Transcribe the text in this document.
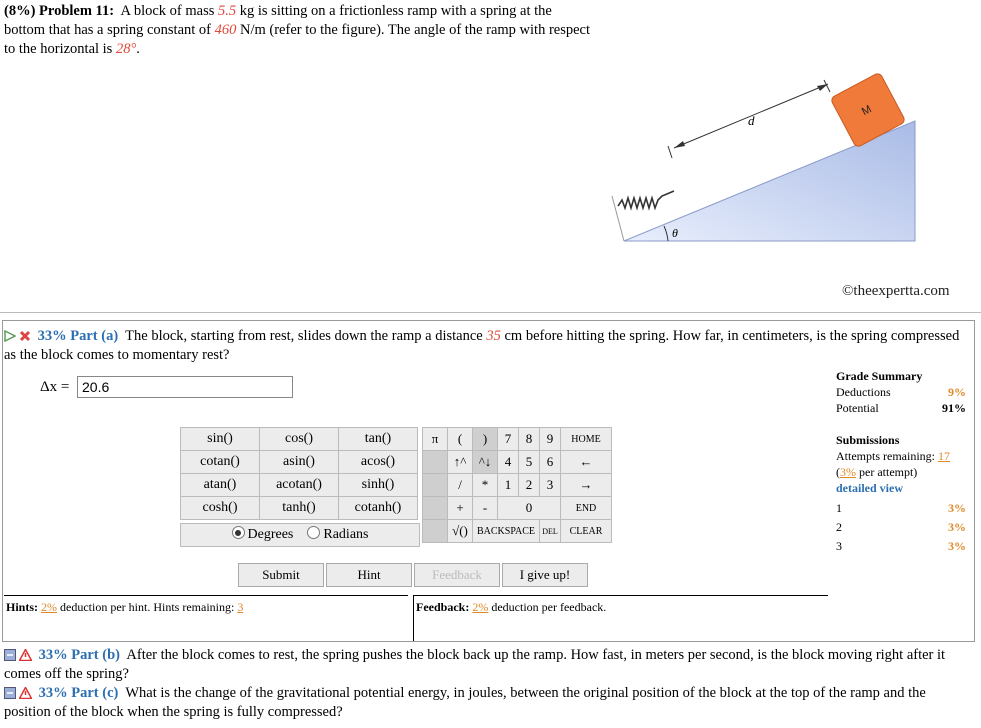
(8%) Problem 11: A block of mass 5.5 kg is sitting on a frictionless ramp with a spring at the bottom that has a spring constant of 460 N/m (refer to the figure). The angle of the ramp with respect to the horizontal is 28°.
θ
d
M
©theexpertta.com
33% Part (a) The block, starting from rest, slides down the ramp a distance 35 cm before hitting the spring. How far, in centimeters, is the spring compressed as the block comes to momentary rest?
Δx =
20.6
sin()	cos()	tan()
cotan()	asin()	acos()
atan()	acotan()	sinh()
cosh()	tanh()	cotanh()
Degrees Radians
π	(	)	7	8	9	HOME
	↑^	^↓	4	5	6	←
	/	*	1	2	3	→
	+	-	0			END
	√()	BACKSPACE			DEL	CLEAR
Submit	Hint	Feedback	I give up!
Hints: 2% deduction per hint. Hints remaining: 3	Feedback: 2% deduction per feedback.
Grade Summary
Deductions	9%
Potential	91%
Submissions
Attempts remaining: 17
(3% per attempt)
detailed view
1	3%
2	3%
3	3%
33% Part (b) After the block comes to rest, the spring pushes the block back up the ramp. How fast, in meters per second, is the block moving right after it comes off the spring?
33% Part (c) What is the change of the gravitational potential energy, in joules, between the original position of the block at the top of the ramp and the position of the block when the spring is fully compressed?
